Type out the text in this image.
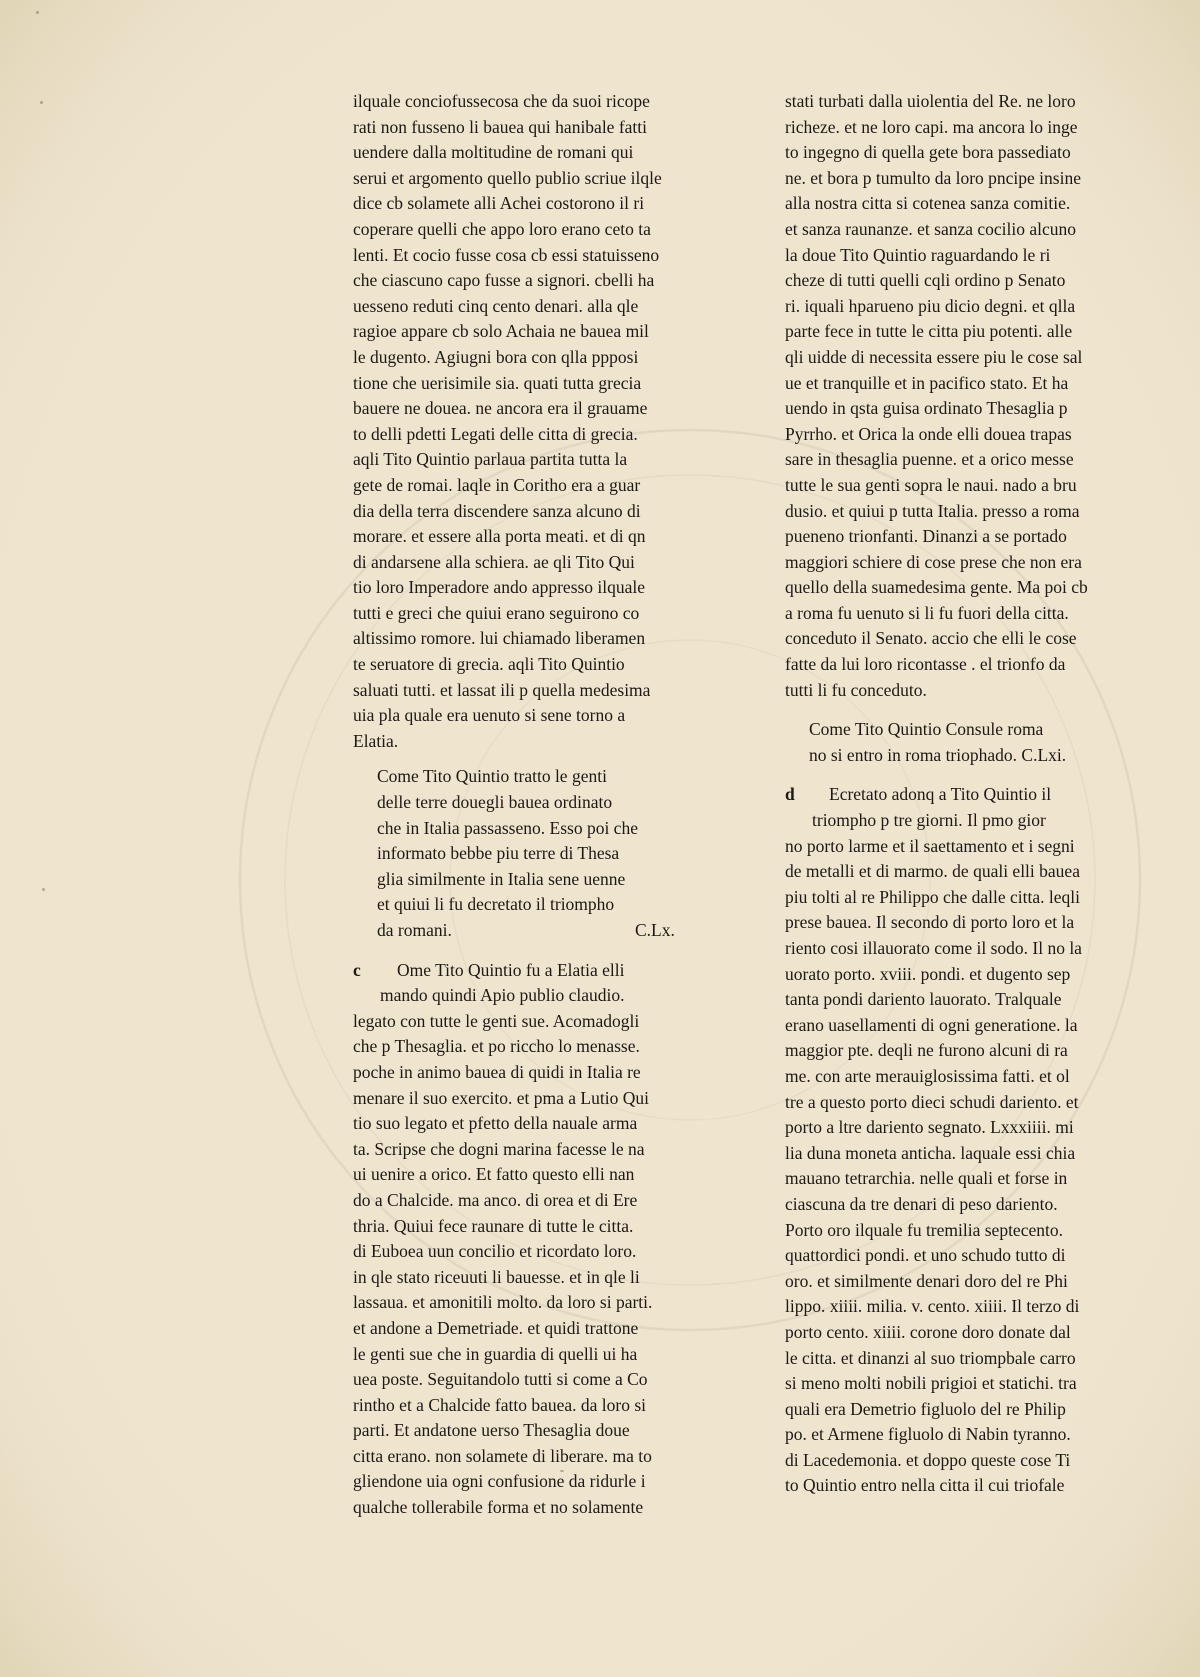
ilquale conciofussecosa che da suoi ricope
rati non fusseno li bauea qui hanibale fatti
uendere dalla moltitudine de romani qui
serui et argomento quello publio scriue ilqle
dice cb solamete alli Achei costorono il ri
coperare quelli che appo loro erano ceto ta
lenti. Et cocio fusse cosa cb essi statuisseno
che ciascuno capo fusse a signori. cbelli ha
uesseno reduti cinq cento denari. alla qle
ragioe appare cb solo Achaia ne bauea mil
le dugento. Agiugni bora con qlla ppposi
tione che uerisimile sia. quati tutta grecia
bauere ne douea. ne ancora era il grauame
to delli pdetti Legati delle citta di grecia.
aqli Tito Quintio parlaua partita tutta la
gete de romai. laqle in Coritho era a guar
dia della terra discendere sanza alcuno di
morare. et essere alla porta meati. et di qn
di andarsene alla schiera. ae qli Tito Qui
tio loro Imperadore ando appresso ilquale
tutti e greci che quiui erano seguirono co
altissimo romore. lui chiamado liberamen
te seruatore di grecia. aqli Tito Quintio
saluati tutti. et lassat ili p quella medesima
uia pla quale era uenuto si sene torno a
Elatia.
Come Tito Quintio tratto le genti
delle terre douegli bauea ordinato
che in Italia passasseno. Esso poi che
informato bebbe piu terre di Thesa
glia similmente in Italia sene uenne
et quiui li fu decretato il triompho
da romani.	C.Lx.
c Ome Tito Quintio fu a Elatia elli
mando quindi Apio publio claudio.
legato con tutte le genti sue. Acomadogli
che p Thesaglia. et po riccho lo menasse.
poche in animo bauea di quidi in Italia re
menare il suo exercito. et pma a Lutio Qui
tio suo legato et pfetto della nauale arma
ta. Scripse che dogni marina facesse le na
ui uenire a orico. Et fatto questo elli nan
do a Chalcide. ma anco. di orea et di Ere
thria. Quiui fece raunare di tutte le citta.
di Euboea uun concilio et ricordato loro.
in qle stato riceuuti li bauesse. et in qle li
lassaua. et amonitili molto. da loro si parti.
et andone a Demetriade. et quidi trattone
le genti sue che in guardia di quelli ui ha
uea poste. Seguitandolo tutti si come a Co
rintho et a Chalcide fatto bauea. da loro si
parti. Et andatone uerso Thesaglia doue
citta erano. non solamete di liberare. ma to
gliendone uia ogni confusione da ridurle i
qualche tollerabile forma et no solamente
stati turbati dalla uiolentia del Re. ne loro
richeze. et ne loro capi. ma ancora lo inge
to ingegno di quella gete bora passediato
ne. et bora p tumulto da loro pncipe insine
alla nostra citta si cotenea sanza comitie.
et sanza raunanze. et sanza cocilio alcuno
la doue Tito Quintio raguardando le ri
cheze di tutti quelli cqli ordino p Senato
ri. iquali hparueno piu dicio degni. et qlla
parte fece in tutte le citta piu potenti. alle
qli uidde di necessita essere piu le cose sal
ue et tranquille et in pacifico stato. Et ha
uendo in qsta guisa ordinato Thesaglia p
Pyrrho. et Orica la onde elli douea trapas
sare in thesaglia puenne. et a orico messe
tutte le sua genti sopra le naui. nado a bru
dusio. et quiui p tutta Italia. presso a roma
pueneno trionfanti. Dinanzi a se portado
maggiori schiere di cose prese che non era
quello della suamedesima gente. Ma poi cb
a roma fu uenuto si li fu fuori della citta.
conceduto il Senato. accio che elli le cose
fatte da lui loro ricontasse . el trionfo da
tutti li fu conceduto.
Come Tito Quintio Consule roma
no si entro in roma triophado. C.Lxi.
d Ecretato adonq a Tito Quintio il
triompho p tre giorni. Il pmo gior
no porto larme et il saettamento et i segni
de metalli et di marmo. de quali elli bauea
piu tolti al re Philippo che dalle citta. leqli
prese bauea. Il secondo di porto loro et la
riento cosi illauorato come il sodo. Il no la
uorato porto. xviii. pondi. et dugento sep
tanta pondi dariento lauorato. Tralquale
erano uasellamenti di ogni generatione. la
maggior pte. deqli ne furono alcuni di ra
me. con arte merauiglosissima fatti. et ol
tre a questo porto dieci schudi dariento. et
porto a ltre dariento segnato. Lxxxiiii. mi
lia duna moneta anticha. laquale essi chia
mauano tetrarchia. nelle quali et forse in
ciascuna da tre denari di peso dariento.
Porto oro ilquale fu tremilia septecento.
quattordici pondi. et uno schudo tutto di
oro. et similmente denari doro del re Phi
lippo. xiiii. milia. v. cento. xiiii. Il terzo di
porto cento. xiiii. corone doro donate dal
le citta. et dinanzi al suo triompbale carro
si meno molti nobili prigioi et statichi. tra
quali era Demetrio figluolo del re Philip
po. et Armene figluolo di Nabin tyranno.
di Lacedemonia. et doppo queste cose Ti
to Quintio entro nella citta il cui triofale
